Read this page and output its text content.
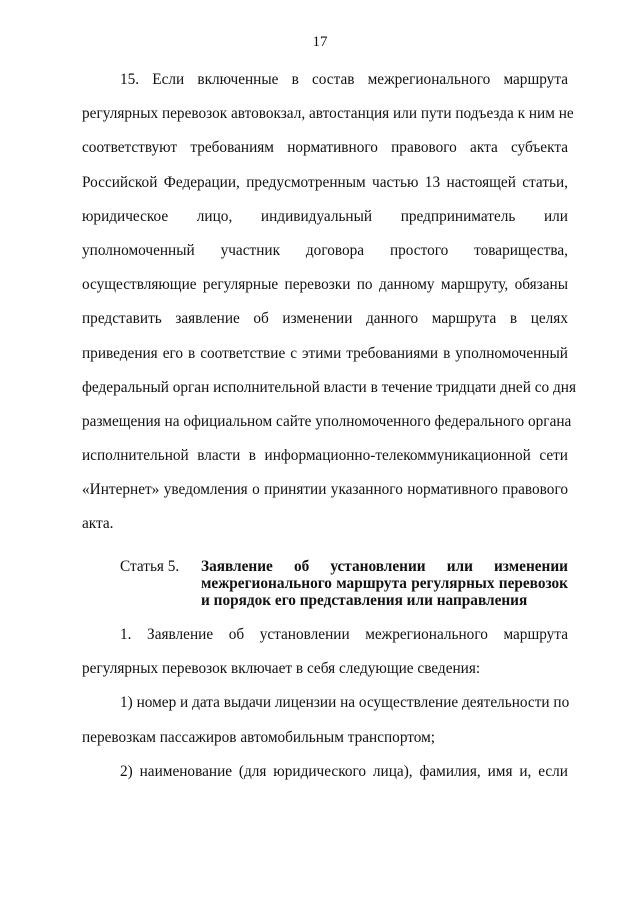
17
15. Если включенные в состав межрегионального маршрута
регулярных перевозок автовокзал, автостанция или пути подъезда к ним не
соответствуют требованиям нормативного правового акта субъекта
Российской Федерации, предусмотренным частью 13 настоящей статьи,
юридическое лицо, индивидуальный предприниматель или
уполномоченный участник договора простого товарищества,
осуществляющие регулярные перевозки по данному маршруту, обязаны
представить заявление об изменении данного маршрута в целях
приведения его в соответствие с этими требованиями в уполномоченный
федеральный орган исполнительной власти в течение тридцати дней со дня
размещения на официальном сайте уполномоченного федерального органа
исполнительной власти в информационно-телекоммуникационной сети
«Интернет» уведомления о принятии указанного нормативного правового
акта.
Статья 5. Заявление об установлении или изменении
межрегионального маршрута регулярных перевозок
и порядок его представления или направления
1. Заявление об установлении межрегионального маршрута
регулярных перевозок включает в себя следующие сведения:
1) номер и дата выдачи лицензии на осуществление деятельности по
перевозкам пассажиров автомобильным транспортом;
2) наименование (для юридического лица), фамилия, имя и, если
